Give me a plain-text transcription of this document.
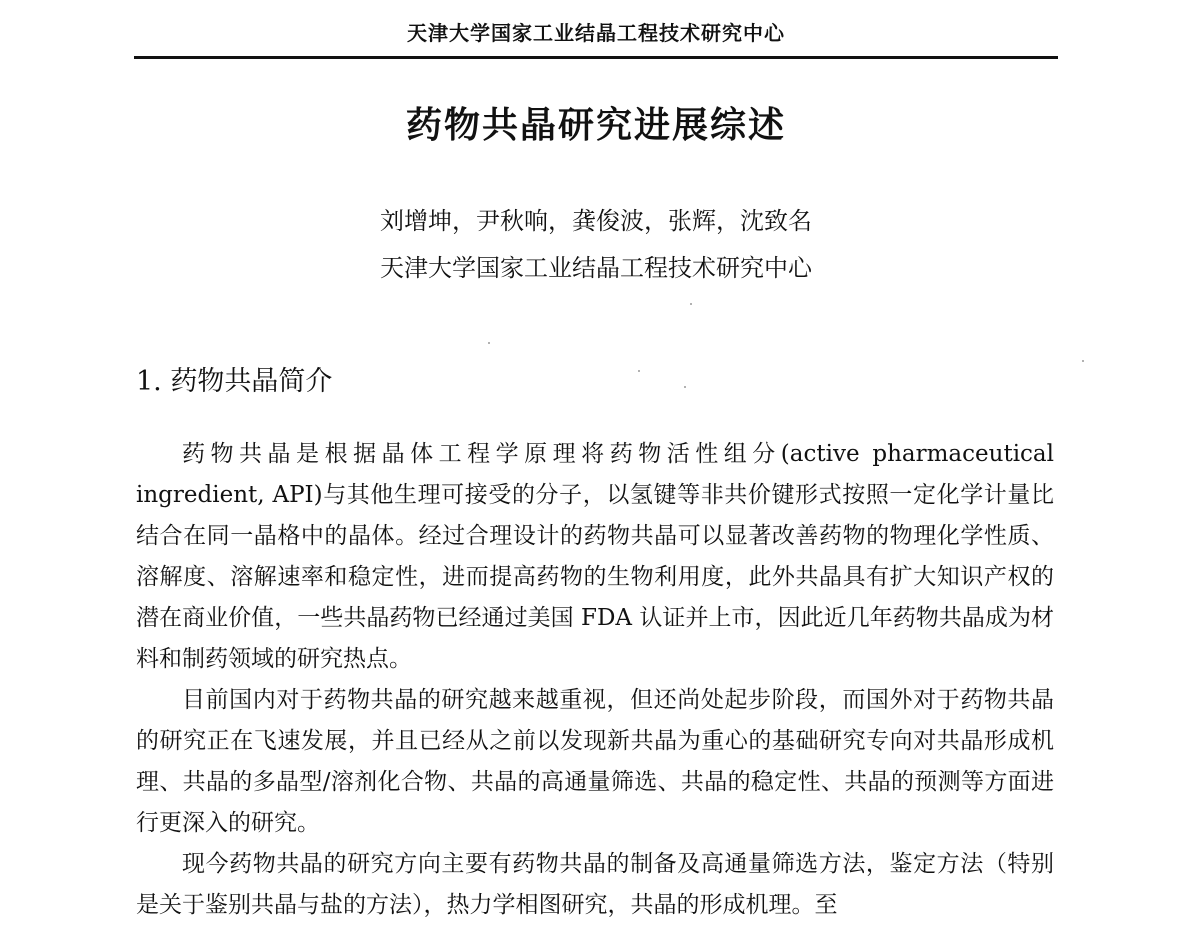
天津大学国家工业结晶工程技术研究中心
药物共晶研究进展综述
刘增坤，尹秋响，龚俊波，张辉，沈致名
天津大学国家工业结晶工程技术研究中心
1. 药物共晶简介

药物共晶是根据晶体工程学原理将药物活性组分(active pharmaceutical ingredient, API)与其他生理可接受的分子，以氢键等非共价键形式按照一定化学计量比结合在同一晶格中的晶体。经过合理设计的药物共晶可以显著改善药物的物理化学性质、溶解度、溶解速率和稳定性，进而提高药物的生物利用度，此外共晶具有扩大知识产权的潜在商业价值，一些共晶药物已经通过美国 FDA 认证并上市，因此近几年药物共晶成为材料和制药领域的研究热点。

目前国内对于药物共晶的研究越来越重视，但还尚处起步阶段，而国外对于药物共晶的研究正在飞速发展，并且已经从之前以发现新共晶为重心的基础研究专向对共晶形成机理、共晶的多晶型/溶剂化合物、共晶的高通量筛选、共晶的稳定性、共晶的预测等方面进行更深入的研究。

现今药物共晶的研究方向主要有药物共晶的制备及高通量筛选方法，鉴定方法（特别是关于鉴别共晶与盐的方法），热力学相图研究，共晶的形成机理。至
